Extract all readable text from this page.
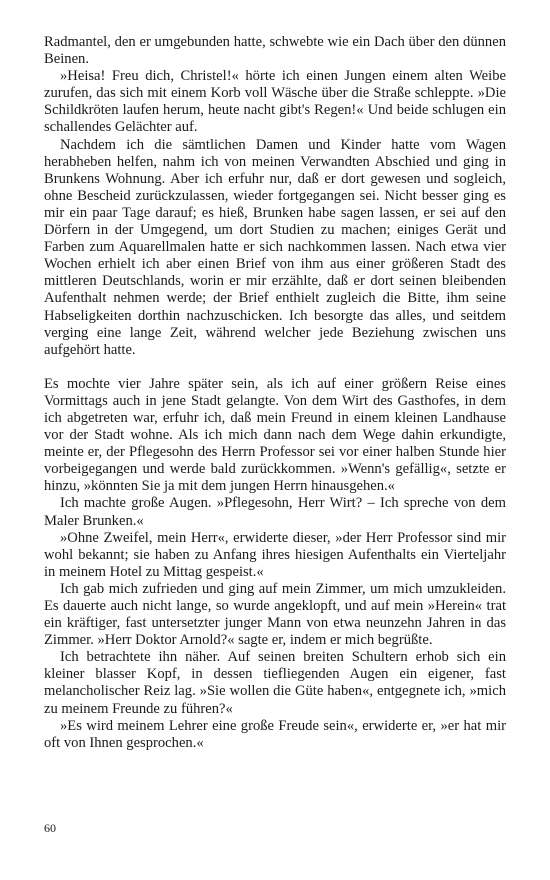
Radmantel, den er umgebunden hatte, schwebte wie ein Dach über den dünnen Beinen.

»Heisa! Freu dich, Christel!« hörte ich einen Jungen einem alten Weibe zurufen, das sich mit einem Korb voll Wäsche über die Straße schleppte. »Die Schildkröten laufen herum, heute nacht gibt's Regen!« Und beide schlugen ein schallendes Gelächter auf.

Nachdem ich die sämtlichen Damen und Kinder hatte vom Wagen herabheben helfen, nahm ich von meinen Verwandten Abschied und ging in Brunkens Wohnung. Aber ich erfuhr nur, daß er dort gewesen und sogleich, ohne Bescheid zurückzulassen, wieder fortgegangen sei. Nicht besser ging es mir ein paar Tage darauf; es hieß, Brunken habe sagen lassen, er sei auf den Dörfern in der Umgegend, um dort Studien zu machen; einiges Gerät und Farben zum Aquarellmalen hatte er sich nachkommen lassen. Nach etwa vier Wochen erhielt ich aber einen Brief von ihm aus einer größeren Stadt des mittleren Deutschlands, worin er mir erzählte, daß er dort seinen bleibenden Aufenthalt nehmen werde; der Brief enthielt zugleich die Bitte, ihm seine Habseligkeiten dorthin nachzuschicken. Ich besorgte das alles, und seitdem verging eine lange Zeit, während welcher jede Beziehung zwischen uns aufgehört hatte.

Es mochte vier Jahre später sein, als ich auf einer größern Reise eines Vormittags auch in jene Stadt gelangte. Von dem Wirt des Gasthofes, in dem ich abgetreten war, erfuhr ich, daß mein Freund in einem kleinen Landhause vor der Stadt wohne. Als ich mich dann nach dem Wege dahin erkundigte, meinte er, der Pflegesohn des Herrn Professor sei vor einer halben Stunde hier vorbeigegangen und werde bald zurückkommen. »Wenn's gefällig«, setzte er hinzu, »könnten Sie ja mit dem jungen Herrn hinausgehen.«

Ich machte große Augen. »Pflegesohn, Herr Wirt? – Ich spreche von dem Maler Brunken.«

»Ohne Zweifel, mein Herr«, erwiderte dieser, »der Herr Professor sind mir wohl bekannt; sie haben zu Anfang ihres hiesigen Aufenthalts ein Vierteljahr in meinem Hotel zu Mittag gespeist.«

Ich gab mich zufrieden und ging auf mein Zimmer, um mich umzukleiden. Es dauerte auch nicht lange, so wurde angeklopft, und auf mein »Herein« trat ein kräftiger, fast untersetzter junger Mann von etwa neunzehn Jahren in das Zimmer. »Herr Doktor Arnold?« sagte er, indem er mich begrüßte.

Ich betrachtete ihn näher. Auf seinen breiten Schultern erhob sich ein kleiner blasser Kopf, in dessen tiefliegenden Augen ein eigener, fast melancholischer Reiz lag. »Sie wollen die Güte haben«, entgegnete ich, »mich zu meinem Freunde zu führen?«

»Es wird meinem Lehrer eine große Freude sein«, erwiderte er, »er hat mir oft von Ihnen gesprochen.«

60
